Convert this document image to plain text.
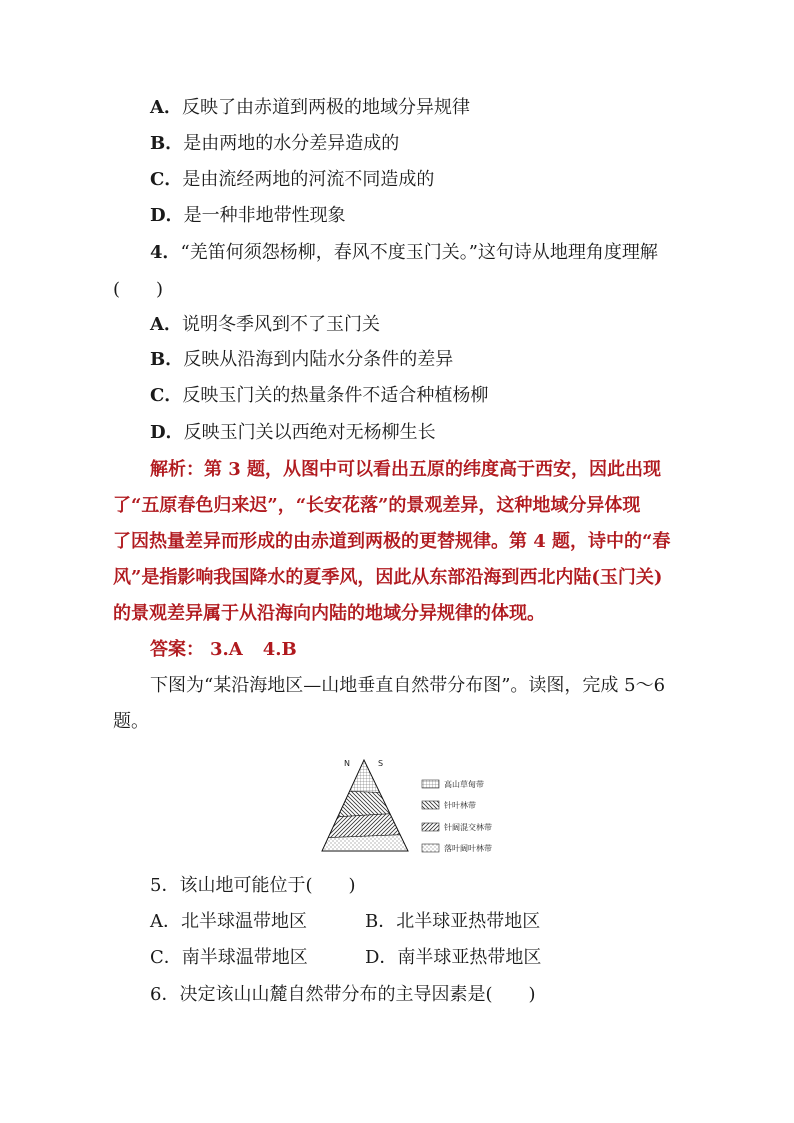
A．反映了由赤道到两极的地域分异规律
B．是由两地的水分差异造成的
C．是由流经两地的河流不同造成的
D．是一种非地带性现象
4．“羌笛何须怨杨柳，春风不度玉门关。”这句诗从地理角度理解
(　　)
A．说明冬季风到不了玉门关
B．反映从沿海到内陆水分条件的差异
C．反映玉门关的热量条件不适合种植杨柳
D．反映玉门关以西绝对无杨柳生长
解析：第 3 题，从图中可以看出五原的纬度高于西安，因此出现
了“五原春色归来迟”，“长安花落”的景观差异，这种地域分异体现
了因热量差异而形成的由赤道到两极的更替规律。第 4 题，诗中的“春
风”是指影响我国降水的夏季风，因此从东部沿海到西北内陆(玉门关)
的景观差异属于从沿海向内陆的地域分异规律的体现。
答案： 3.A 4.B
下图为“某沿海地区—山地垂直自然带分布图”。读图，完成 5～6
题。
N	S
高山草甸带
针叶林带
针阔混交林带
落叶阔叶林带
5．该山地可能位于(　　)
A．北半球温带地区	B．北半球亚热带地区
C．南半球温带地区	D．南半球亚热带地区
6．决定该山山麓自然带分布的主导因素是(　　)
